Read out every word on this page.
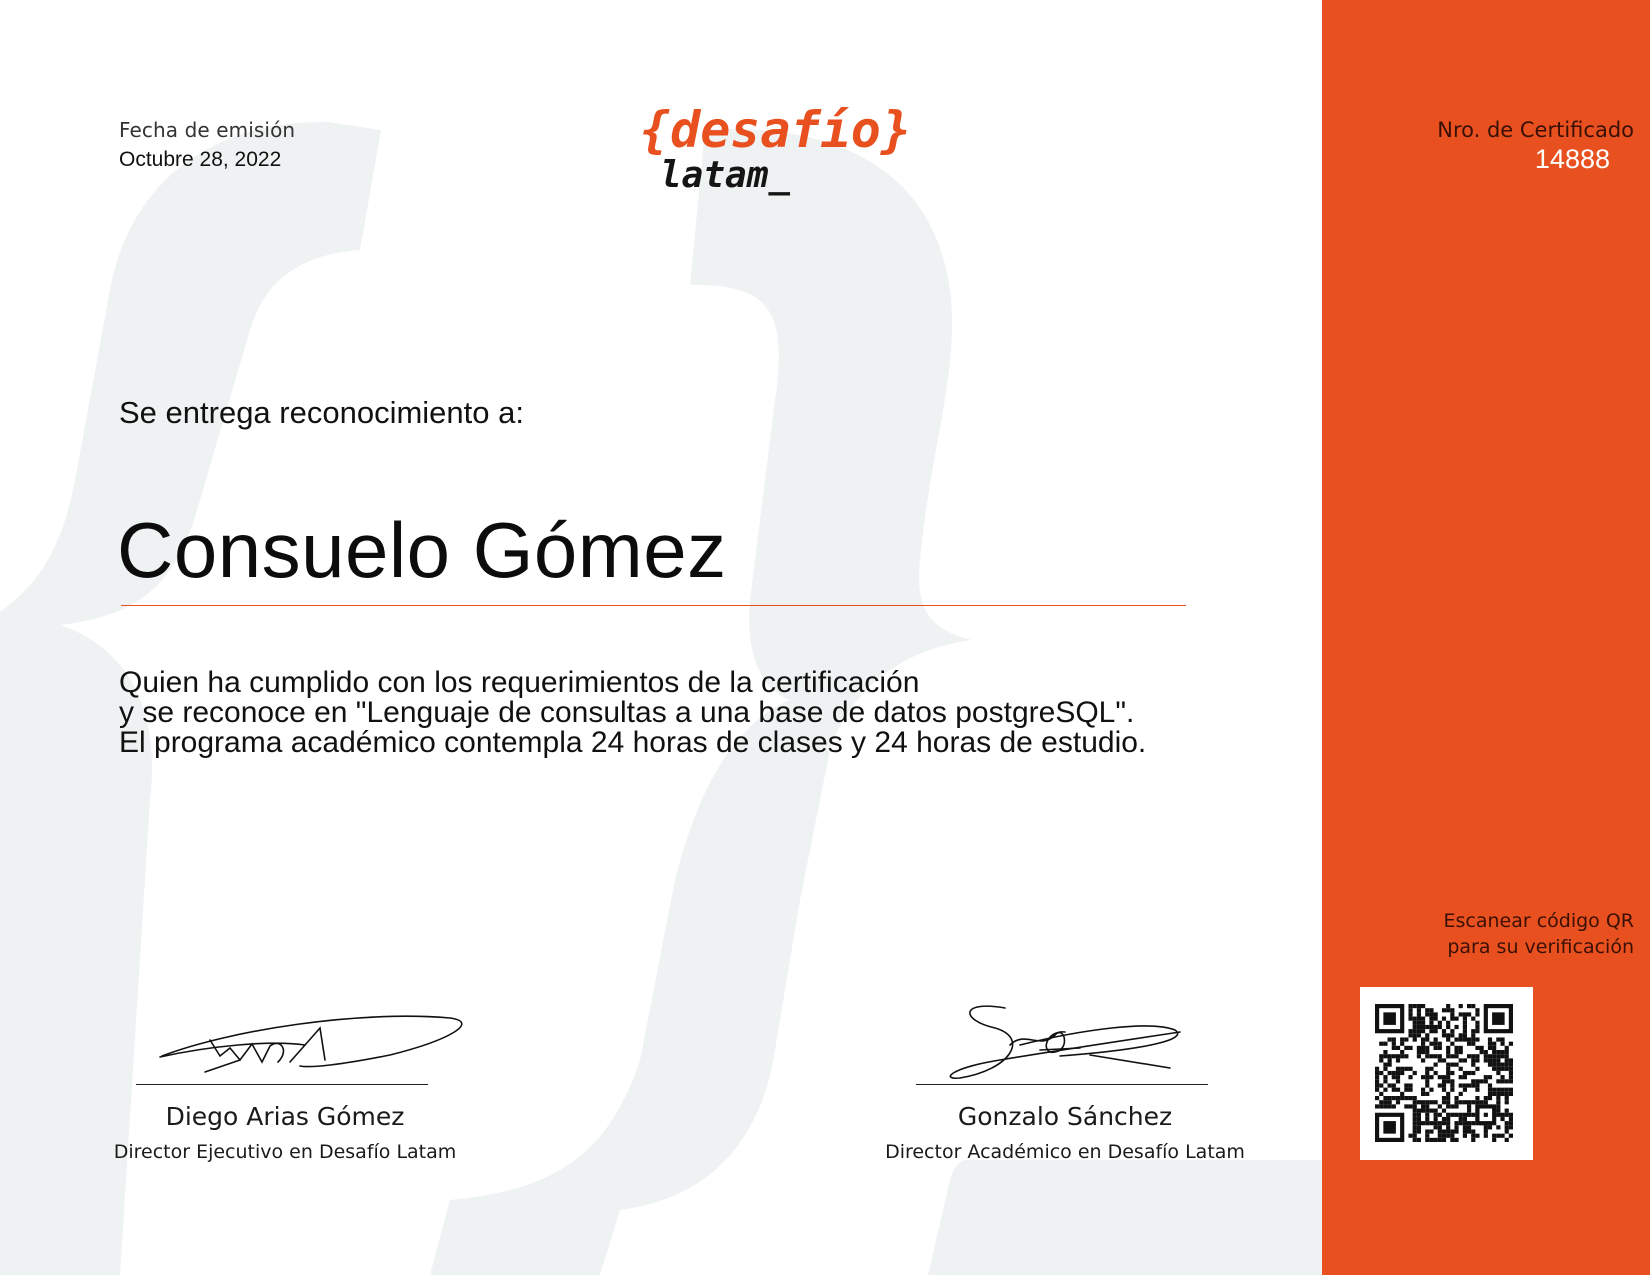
Fecha de emisión
Octubre 28, 2022
{desafío}
latam_
Nro. de Certificado
14888
Se entrega reconocimiento a:
Consuelo Gómez
Quien ha cumplido con los requerimientos de la certificación
y se reconoce en "Lenguaje de consultas a una base de datos postgreSQL".
El programa académico contempla 24 horas de clases y 24 horas de estudio.
Diego Arias Gómez
Director Ejecutivo en Desafío Latam
Gonzalo Sánchez
Director Académico en Desafío Latam
Escanear código QR
para su verificación
